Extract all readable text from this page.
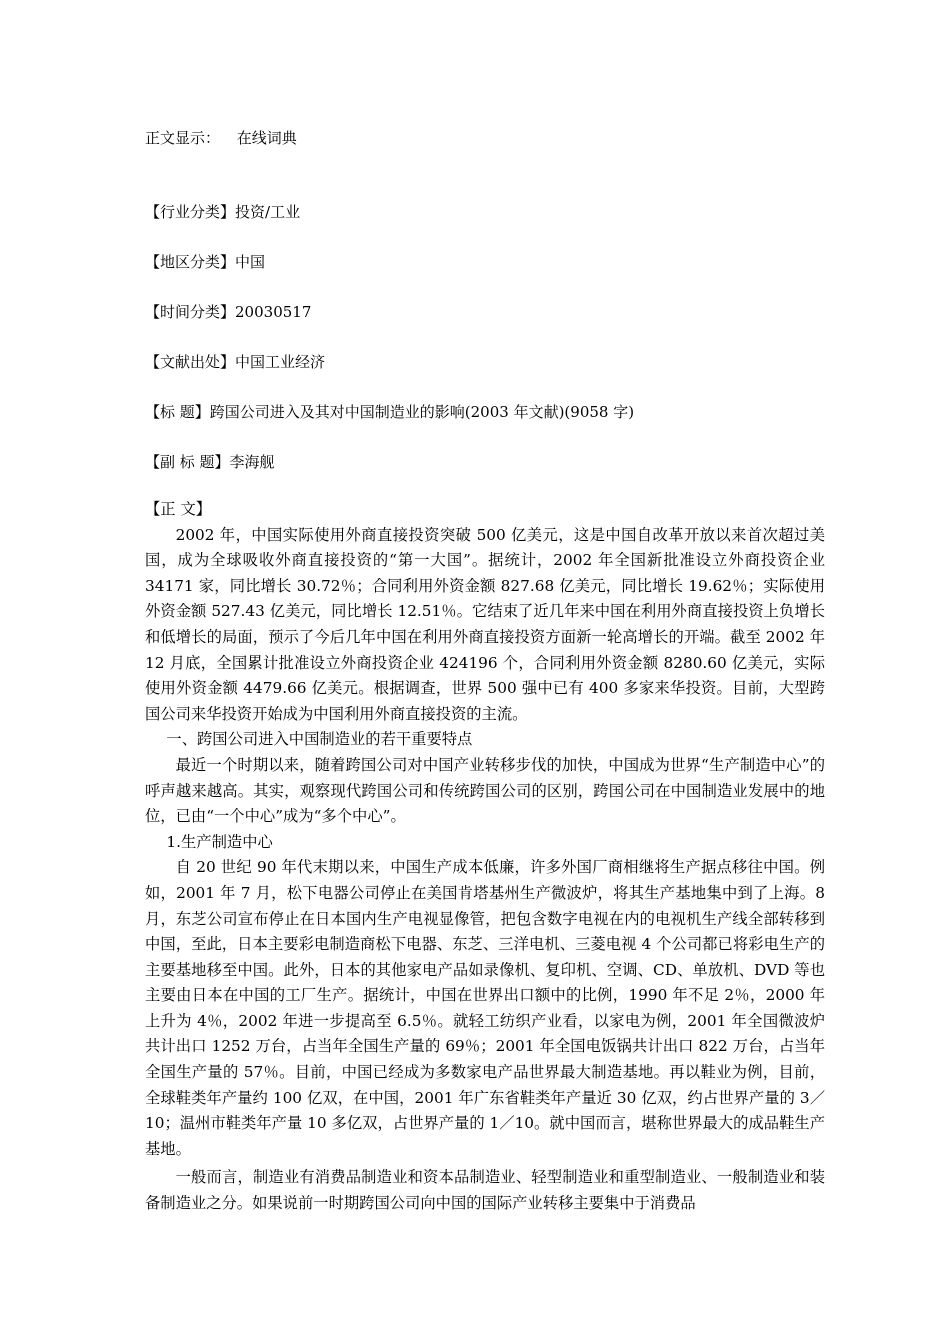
正文显示： 在线词典
【行业分类】投资/工业
【地区分类】中国
【时间分类】20030517
【文献出处】中国工业经济
【标 题】跨国公司进入及其对中国制造业的影响(2003 年文献)(9058 字)
【副 标 题】李海舰

【正 文】

2002 年，中国实际使用外商直接投资突破 500 亿美元，这是中国自改革开放以来首次超过美国，成为全球吸收外商直接投资的“第一大国”。据统计，2002 年全国新批准设立外商投资企业 34171 家，同比增长 30.72％；合同利用外资金额 827.68 亿美元，同比增长 19.62％；实际使用外资金额 527.43 亿美元，同比增长 12.51％。它结束了近几年来中国在利用外商直接投资上负增长和低增长的局面，预示了今后几年中国在利用外商直接投资方面新一轮高增长的开端。截至 2002 年 12 月底，全国累计批准设立外商投资企业 424196 个，合同利用外资金额 8280.60 亿美元，实际使用外资金额 4479.66 亿美元。根据调查，世界 500 强中已有 400 多家来华投资。目前，大型跨国公司来华投资开始成为中国利用外商直接投资的主流。

一、跨国公司进入中国制造业的若干重要特点

最近一个时期以来，随着跨国公司对中国产业转移步伐的加快，中国成为世界“生产制造中心”的呼声越来越高。其实，观察现代跨国公司和传统跨国公司的区别，跨国公司在中国制造业发展中的地位，已由“一个中心”成为“多个中心”。

1.生产制造中心

自 20 世纪 90 年代末期以来，中国生产成本低廉，许多外国厂商相继将生产据点移往中国。例如，2001 年 7 月，松下电器公司停止在美国肯塔基州生产微波炉，将其生产基地集中到了上海。8 月，东芝公司宣布停止在日本国内生产电视显像管，把包含数字电视在内的电视机生产线全部转移到中国，至此，日本主要彩电制造商松下电器、东芝、三洋电机、三菱电视 4 个公司都已将彩电生产的主要基地移至中国。此外，日本的其他家电产品如录像机、复印机、空调、CD、单放机、DVD 等也主要由日本在中国的工厂生产。据统计，中国在世界出口额中的比例，1990 年不足 2％，2000 年上升为 4％，2002 年进一步提高至 6.5％。就轻工纺织产业看，以家电为例，2001 年全国微波炉共计出口 1252 万台，占当年全国生产量的 69％；2001 年全国电饭锅共计出口 822 万台，占当年全国生产量的 57％。目前，中国已经成为多数家电产品世界最大制造基地。再以鞋业为例，目前，全球鞋类年产量约 100 亿双，在中国，2001 年广东省鞋类年产量近 30 亿双，约占世界产量的 3／10；温州市鞋类年产量 10 多亿双，占世界产量的 1／10。就中国而言，堪称世界最大的成品鞋生产基地。

一般而言，制造业有消费品制造业和资本品制造业、轻型制造业和重型制造业、一般制造业和装备制造业之分。如果说前一时期跨国公司向中国的国际产业转移主要集中于消费品
